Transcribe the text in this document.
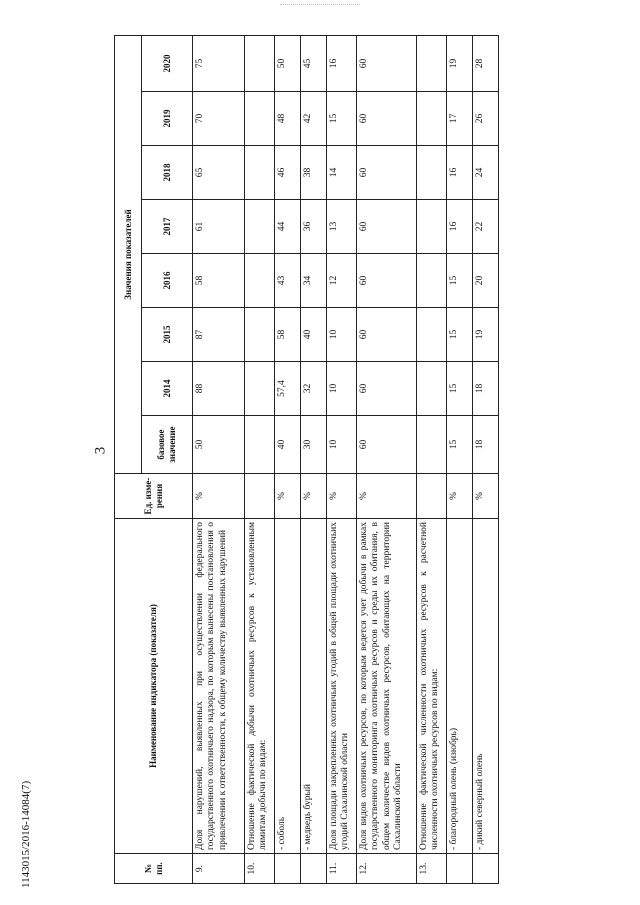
3
1143015/2016-14084(7)	№ пп.	Наименование индикатора (показателя)	Ед. изме-рения	Значения показателей							
			базовое значение	2014	2015	2016	2017	2018	2019	2020
9.	Доля нарушений, выявленных при осуществлении федерального государственного охотничьего надзора, по которым вынесены постановления о привлечении к ответственности, к общему количеству выявленных нарушений	%	50	88	87	58	61	65	70	75
10.	Отношение фактической добычи охотничьих ресурсов к установленным лимитам добычи по видам:									
	- соболь	%	40	57,4	58	43	44	46	48	50
	- медведь бурый	%	30	32	40	34	36	38	42	45
11.	Доля площади закрепленных охотничьих угодий в общей площади охотничьих угодий Сахалинской области	%	10	10	10	12	13	14	15	16
12.	Доля видов охотничьих ресурсов, по которым ведется учет добычи в рамках государственного мониторинга охотничьих ресурсов и среды их обитания, в общем количестве видов охотничьих ресурсов, обитающих на территории Сахалинской области	%	60	60	60	60	60	60	60	60
13.	Отношение фактической численности охотничьих ресурсов к расчетной численности охотничьих ресурсов по видам:									
	- благородный олень (изюбрь)	%	15	15	15	15	16	16	17	19
	- дикий северный олень	%	18	18	19	20	22	24	26	28
